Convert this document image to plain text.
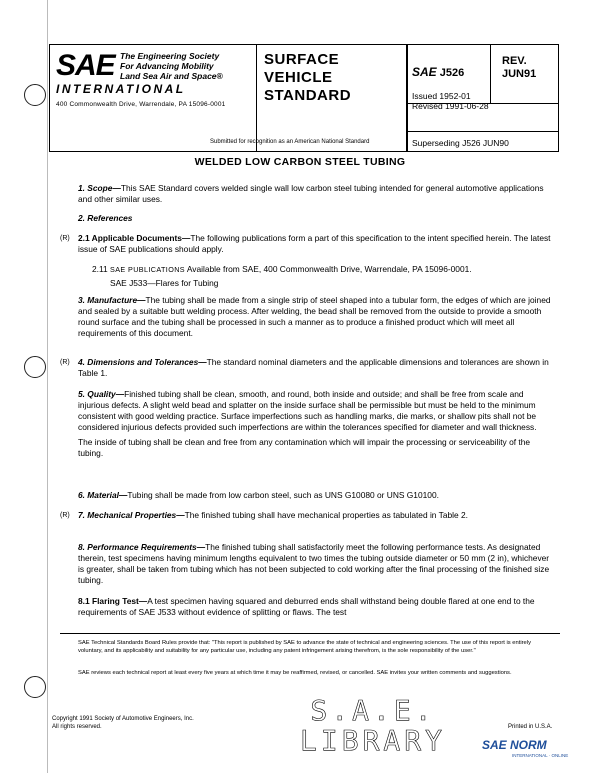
SAE The Engineering Society
For Advancing Mobility
Land Sea Air and Space®
INTERNATIONAL
400 Commonwealth Drive, Warrendale, PA 15096-0001
SURFACE
VEHICLE
STANDARD
Submitted for recognition as an American National Standard
SAE J526
REV.
JUN91
Issued 1952-01
Revised 1991-06-28
Superseding J526 JUN90
WELDED LOW CARBON STEEL TUBING

1. Scope—This SAE Standard covers welded single wall low carbon steel tubing intended for general automotive applications and other similar uses.

2. References

(R) 2.1 Applicable Documents—The following publications form a part of this specification to the intent specified herein. The latest issue of SAE publications should apply.

2.11 SAE PUBLICATIONS Available from SAE, 400 Commonwealth Drive, Warrendale, PA 15096-0001.

SAE J533—Flares for Tubing

3. Manufacture—The tubing shall be made from a single strip of steel shaped into a tubular form, the edges of which are joined and sealed by a suitable butt welding process. After welding, the bead shall be removed from the outside to provide a smooth round surface and the tubing shall be processed in such a manner as to produce a finished product which will meet all requirements of this document.

(R) 4. Dimensions and Tolerances—The standard nominal diameters and the applicable dimensions and tolerances are shown in Table 1.

5. Quality—Finished tubing shall be clean, smooth, and round, both inside and outside; and shall be free from scale and injurious defects. A slight weld bead and splatter on the inside surface shall be permissible but must be held to the minimum consistent with good welding practice. Surface imperfections such as handling marks, die marks, or shallow pits shall not be considered injurious defects provided such imperfections are within the tolerances specified for diameter and wall thickness.

The inside of tubing shall be clean and free from any contamination which will impair the processing or serviceability of the tubing.

6. Material—Tubing shall be made from low carbon steel, such as UNS G10080 or UNS G10100.

(R) 7. Mechanical Properties—The finished tubing shall have mechanical properties as tabulated in Table 2.

8. Performance Requirements—The finished tubing shall satisfactorily meet the following performance tests. As designated therein, test specimens having minimum lengths equivalent to two times the tubing outside diameter or 50 mm (2 in), whichever is greater, shall be taken from tubing which has not been subjected to cold working after the final processing of the finished size tubing.

8.1 Flaring Test—A test specimen having squared and deburred ends shall withstand being double flared at one end to the requirements of SAE J533 without evidence of splitting or flaws. The test

SAE Technical Standards Board Rules provide that: "This report is published by SAE to advance the state of technical and engineering sciences. The use of this report is entirely voluntary, and its applicability and suitability for any particular use, including any patent infringement arising therefrom, is the sole responsibility of the user."
SAE reviews each technical report at least every five years at which time it may be reaffirmed, revised, or cancelled. SAE invites your written comments and suggestions.
Copyright 1991 Society of Automotive Engineers, Inc.
All rights reserved.	S.A.E.
LIBRARY	Printed in U.S.A.
SAE NORM
INTERNATIONAL · ONLINE
